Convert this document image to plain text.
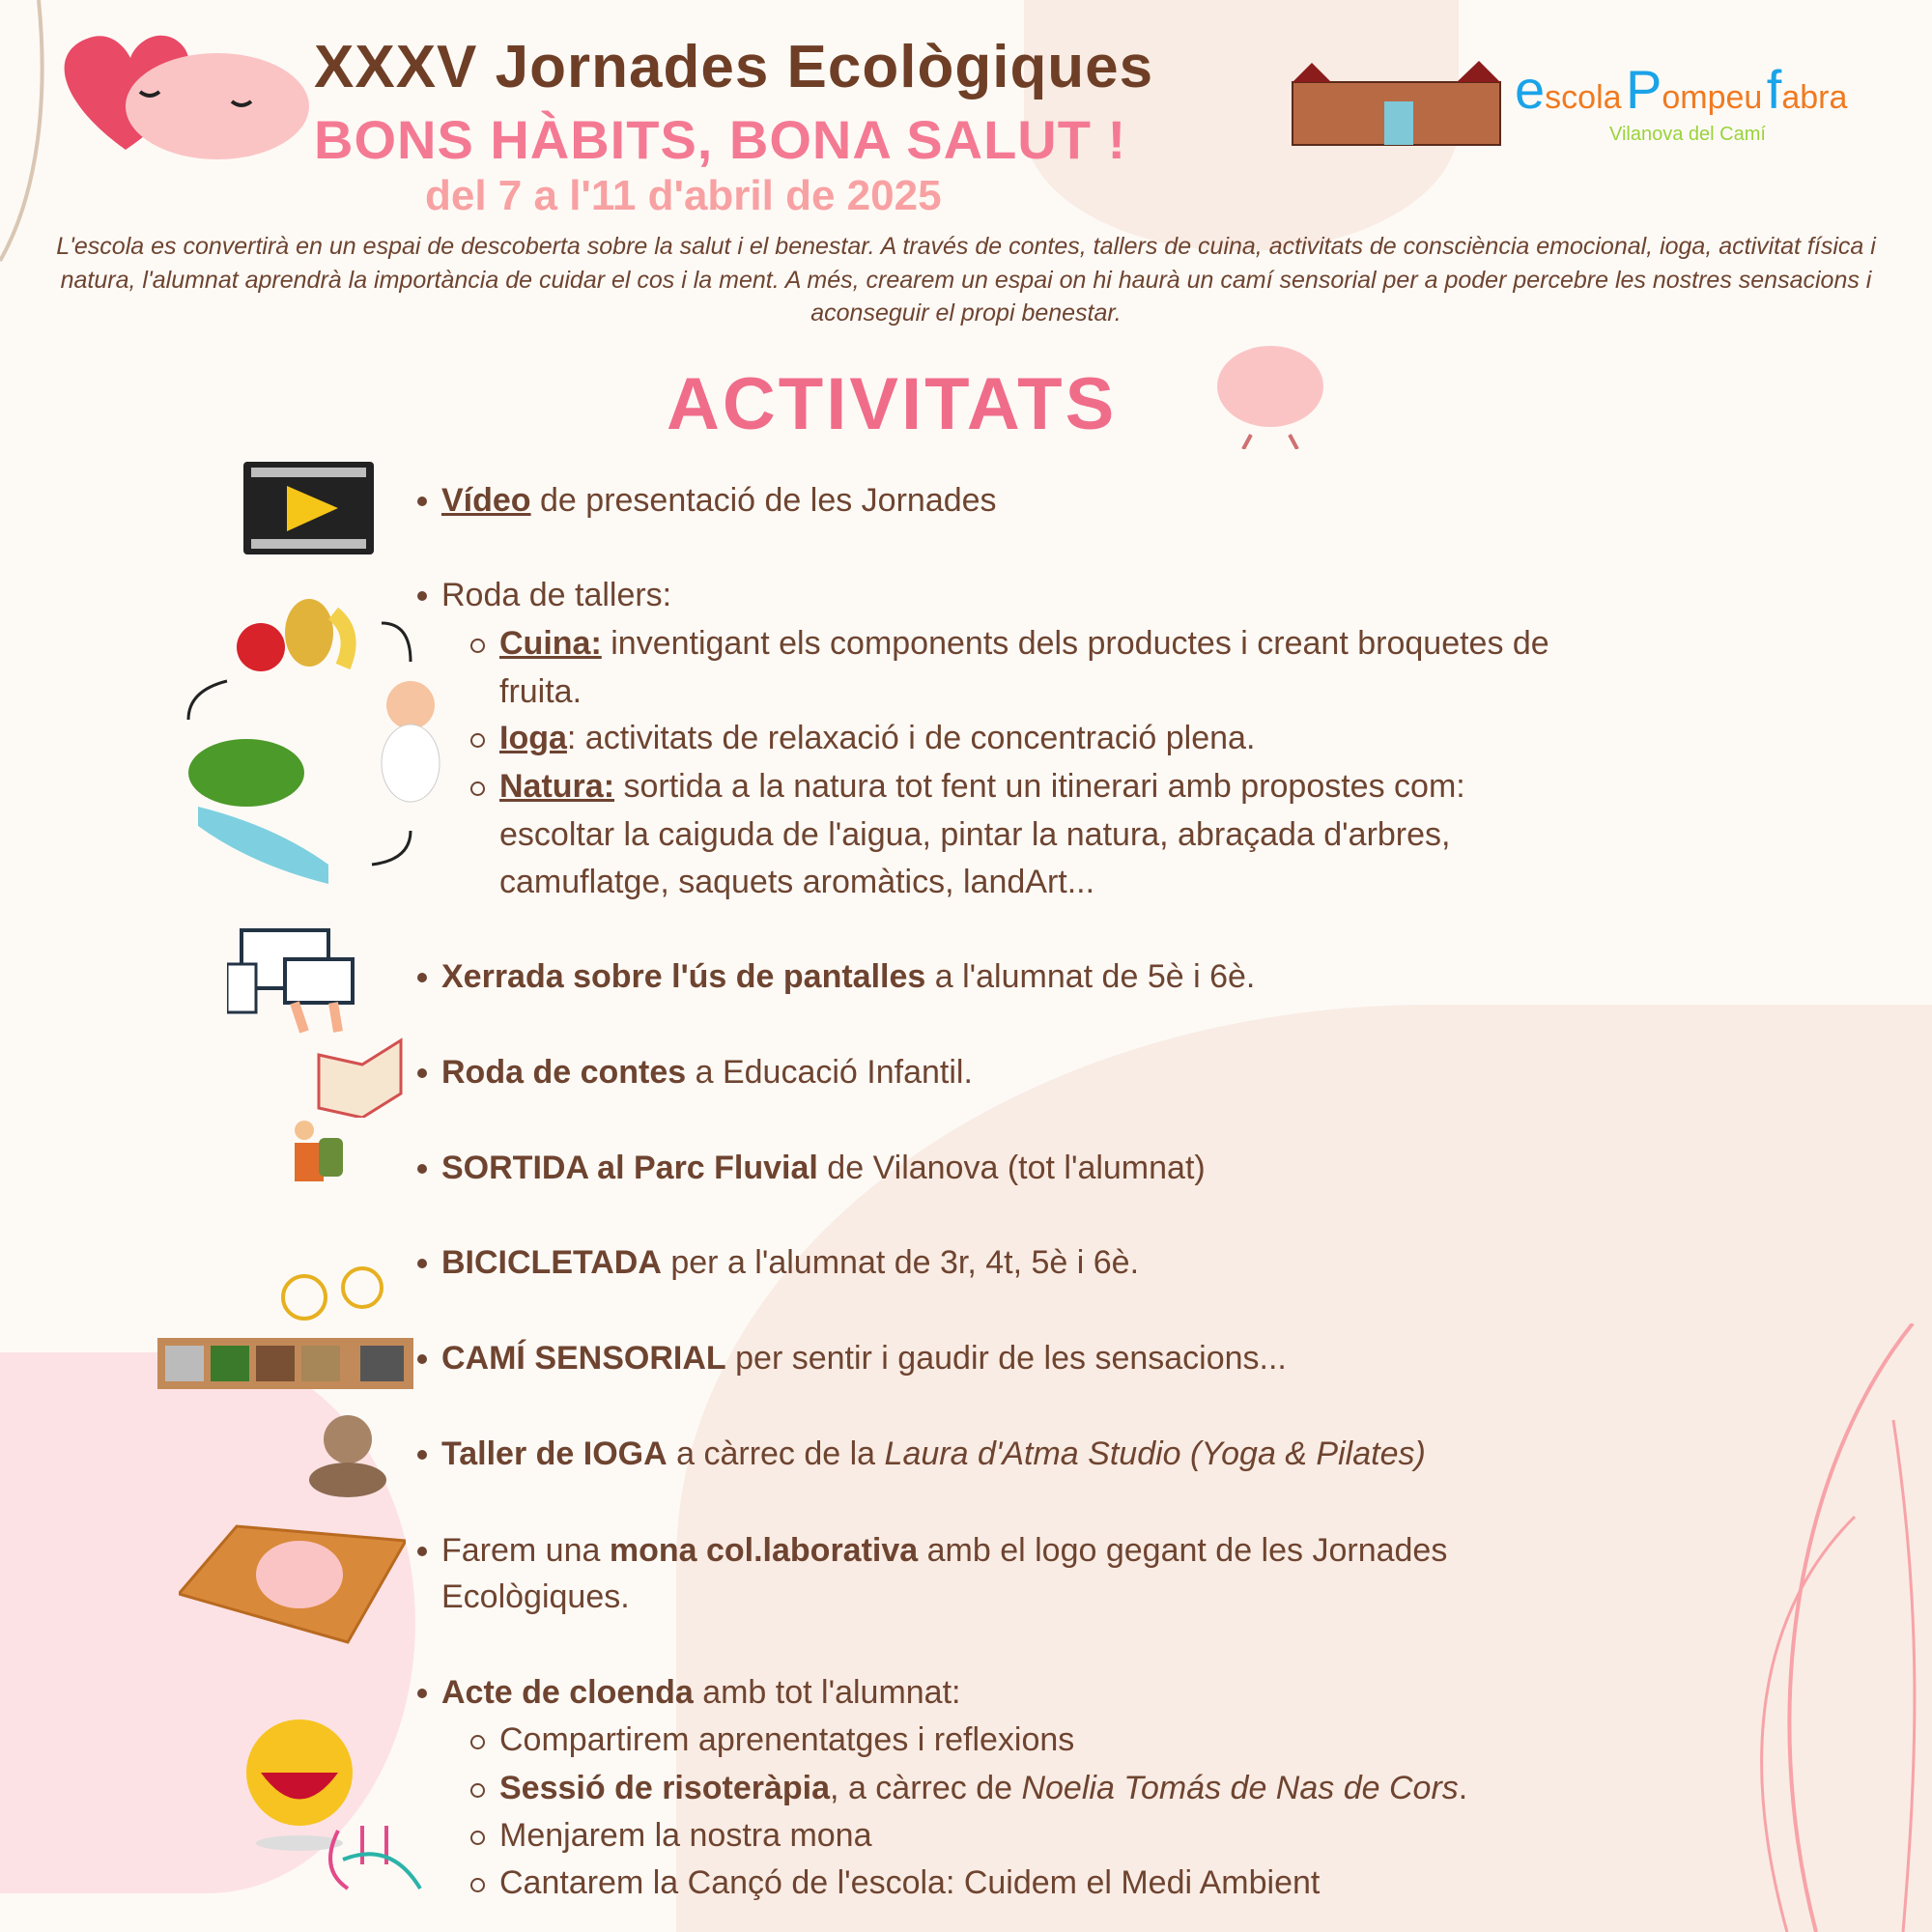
XXXV Jornades Ecològiques
BONS HÀBITS, BONA SALUT !
del 7 a l'11 d'abril de 2025
escola Pompeu fabra
Vilanova del Camí
L'escola es convertirà en un espai de descoberta sobre la salut i el benestar. A través de contes, tallers de cuina, activitats de consciència emocional, ioga, activitat física i natura, l'alumnat aprendrà la importància de cuidar el cos i la ment. A més, crearem un espai on hi haurà un camí sensorial per a poder percebre les nostres sensacions i aconseguir el propi benestar.
ACTIVITATS
Vídeo de presentació de les Jornades
Roda de tallers:
Cuina: inventigant els components dels productes i creant broquetes de
fruita.
Ioga: activitats de relaxació i de concentració plena.
Natura: sortida a la natura tot fent un itinerari amb propostes com:
escoltar la caiguda de l'aigua, pintar la natura, abraçada d'arbres,
camuflatge, saquets aromàtics, landArt...
Xerrada sobre l'ús de pantalles a l'alumnat de 5è i 6è.
Roda de contes a Educació Infantil.
SORTIDA al Parc Fluvial de Vilanova (tot l'alumnat)
BICICLETADA per a l'alumnat de 3r, 4t, 5è i 6è.
CAMÍ SENSORIAL per sentir i gaudir de les sensacions...
Taller de IOGA a càrrec de la Laura d'Atma Studio (Yoga & Pilates)
Farem una mona col.laborativa amb el logo gegant de les Jornades
Ecològiques.
Acte de cloenda amb tot l'alumnat:
Compartirem aprenentatges i reflexions
Sessió de risoteràpia, a càrrec de Noelia Tomás de Nas de Cors.
Menjarem la nostra mona
Cantarem la Cançó de l'escola: Cuidem el Medi Ambient
